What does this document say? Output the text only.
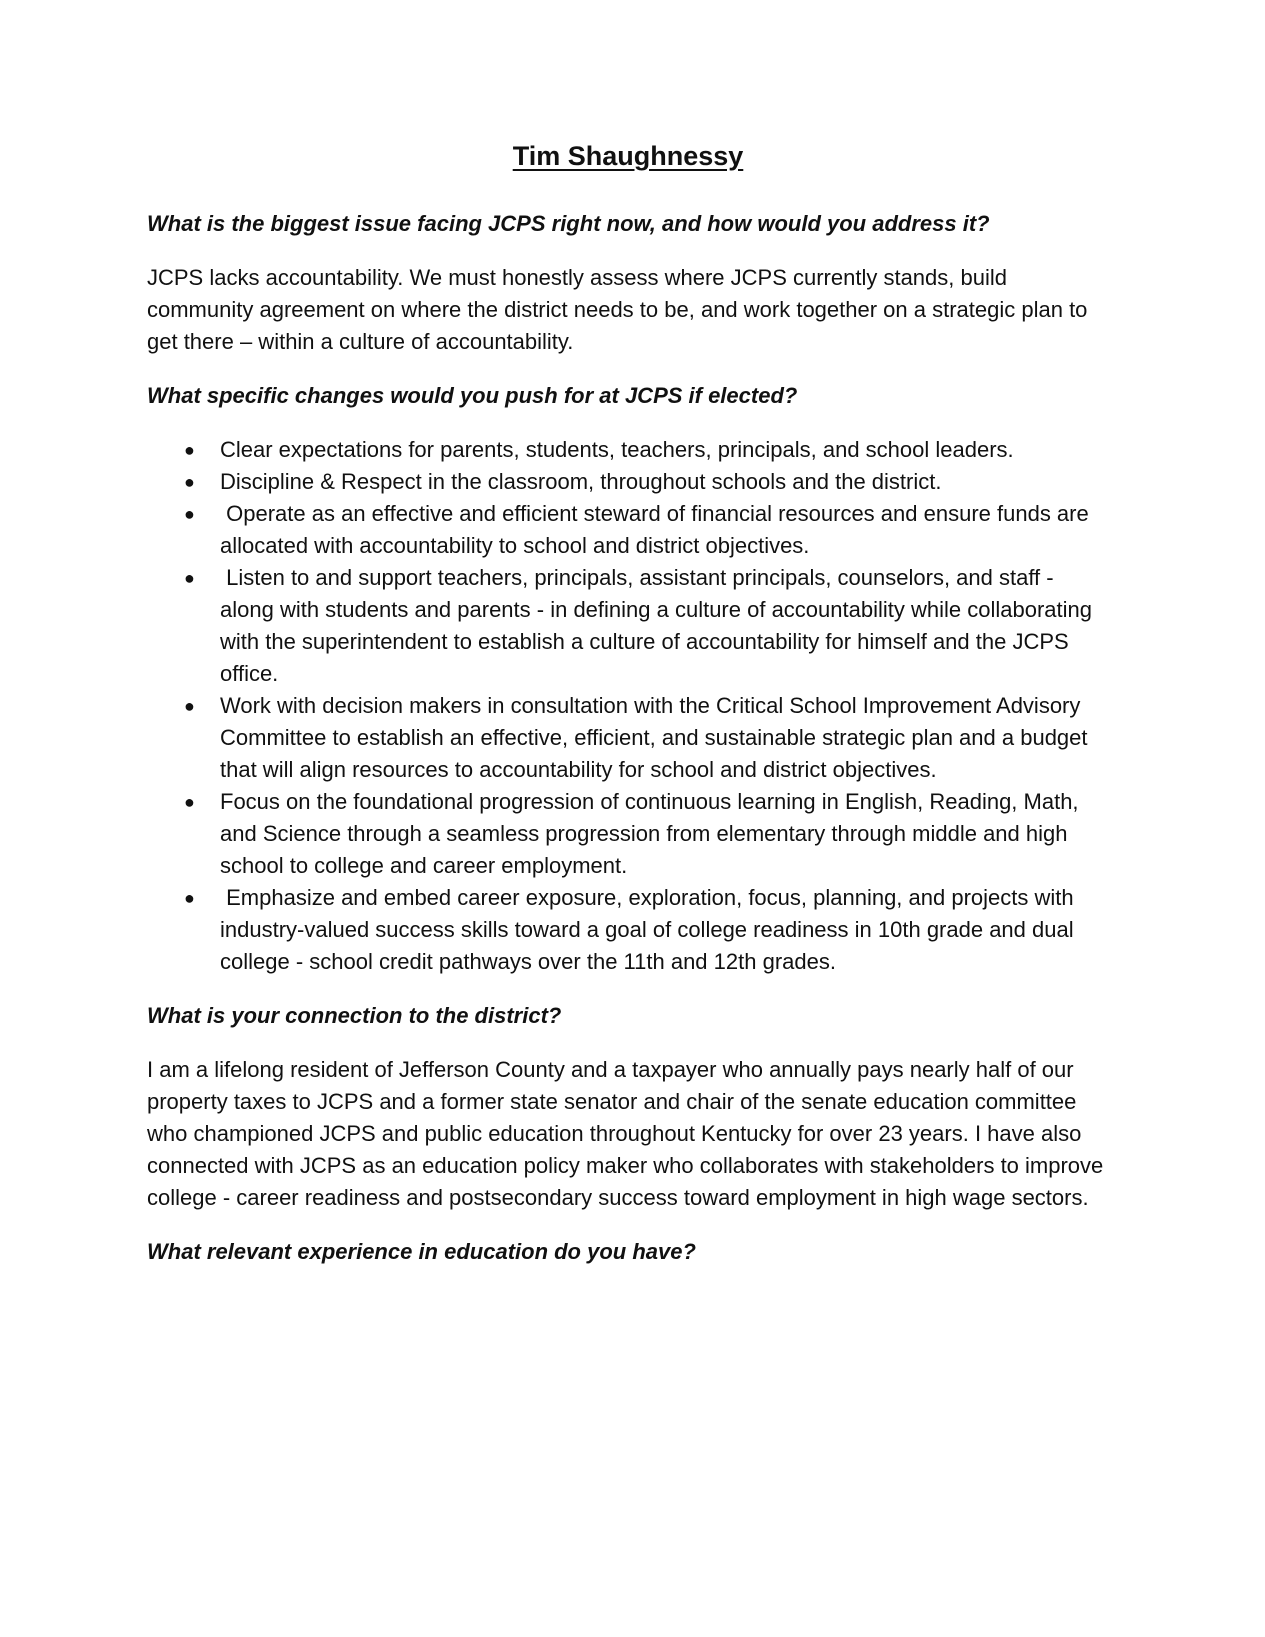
Tim Shaughnessy

What is the biggest issue facing JCPS right now, and how would you address it?

JCPS lacks accountability. We must honestly assess where JCPS currently stands, build community agreement on where the district needs to be, and work together on a strategic plan to get there – within a culture of accountability.

What specific changes would you push for at JCPS if elected?

● Clear expectations for parents, students, teachers, principals, and school leaders.
● Discipline & Respect in the classroom, throughout schools and the district.
● Operate as an effective and efficient steward of financial resources and ensure funds are allocated with accountability to school and district objectives.
● Listen to and support teachers, principals, assistant principals, counselors, and staff - along with students and parents - in defining a culture of accountability while collaborating with the superintendent to establish a culture of accountability for himself and the JCPS office.
● Work with decision makers in consultation with the Critical School Improvement Advisory Committee to establish an effective, efficient, and sustainable strategic plan and a budget that will align resources to accountability for school and district objectives.
● Focus on the foundational progression of continuous learning in English, Reading, Math, and Science through a seamless progression from elementary through middle and high school to college and career employment.
● Emphasize and embed career exposure, exploration, focus, planning, and projects with industry-valued success skills toward a goal of college readiness in 10th grade and dual college - school credit pathways over the 11th and 12th grades.

What is your connection to the district?

I am a lifelong resident of Jefferson County and a taxpayer who annually pays nearly half of our property taxes to JCPS and a former state senator and chair of the senate education committee who championed JCPS and public education throughout Kentucky for over 23 years. I have also connected with JCPS as an education policy maker who collaborates with stakeholders to improve college - career readiness and postsecondary success toward employment in high wage sectors.

What relevant experience in education do you have?
